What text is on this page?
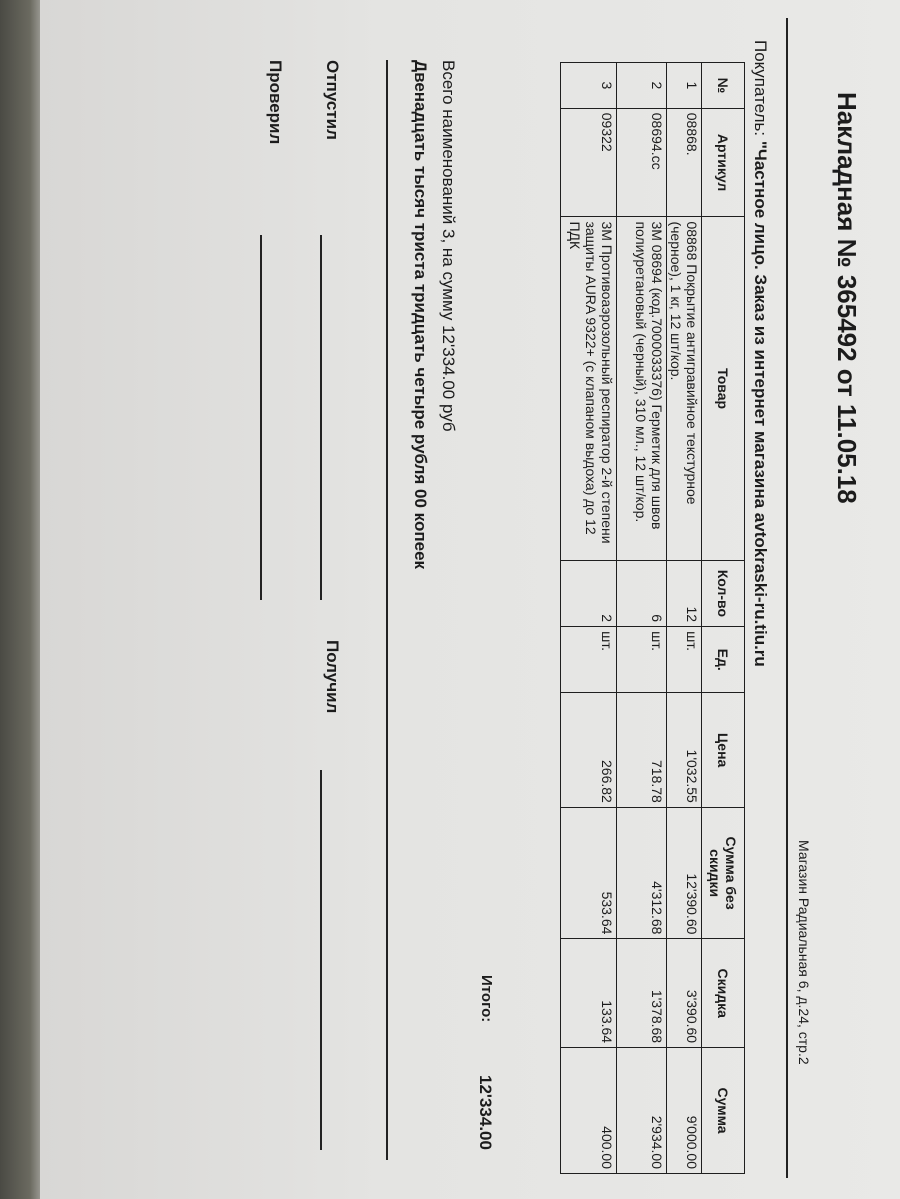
Магазин Радиальная 6, д.24, стр.2
Накладная № 365492 от 11.05.18
Покупатель: "Частное лицо. Заказ из интернет магазина avtokraski-ru.tiu.ru
№	Артикул	Товар	Кол-во	Ед.	Цена	Сумма без скидки	Скидка	Сумма
1	08868.	08868 Покрытие антигравийное текстурное (черное), 1 кг, 12 шт/кор.	12	шт.	1'032.55	12'390.60	3'390.60	9'000.00
2	08694.cc	3M 08694 (код.7000033376) Герметик для швов полиуретановый (черный), 310 мл., 12 шт/кор.	6	шт.	718.78	4'312.68	1'378.68	2'934.00
3	09322	3M Противоаэрозольный респиратор 2-й степени защиты AURA 9322+ (с клапаном выдоха) до 12 ПДК	2	шт.	266.82	533.64	133.64	400.00
Итого:
12'334.00
Всего наименований 3, на сумму 12'334.00 руб
Двенадцать тысяч триста тридцать четыре рубля 00 копеек
Отпустил
Получил
Проверил
